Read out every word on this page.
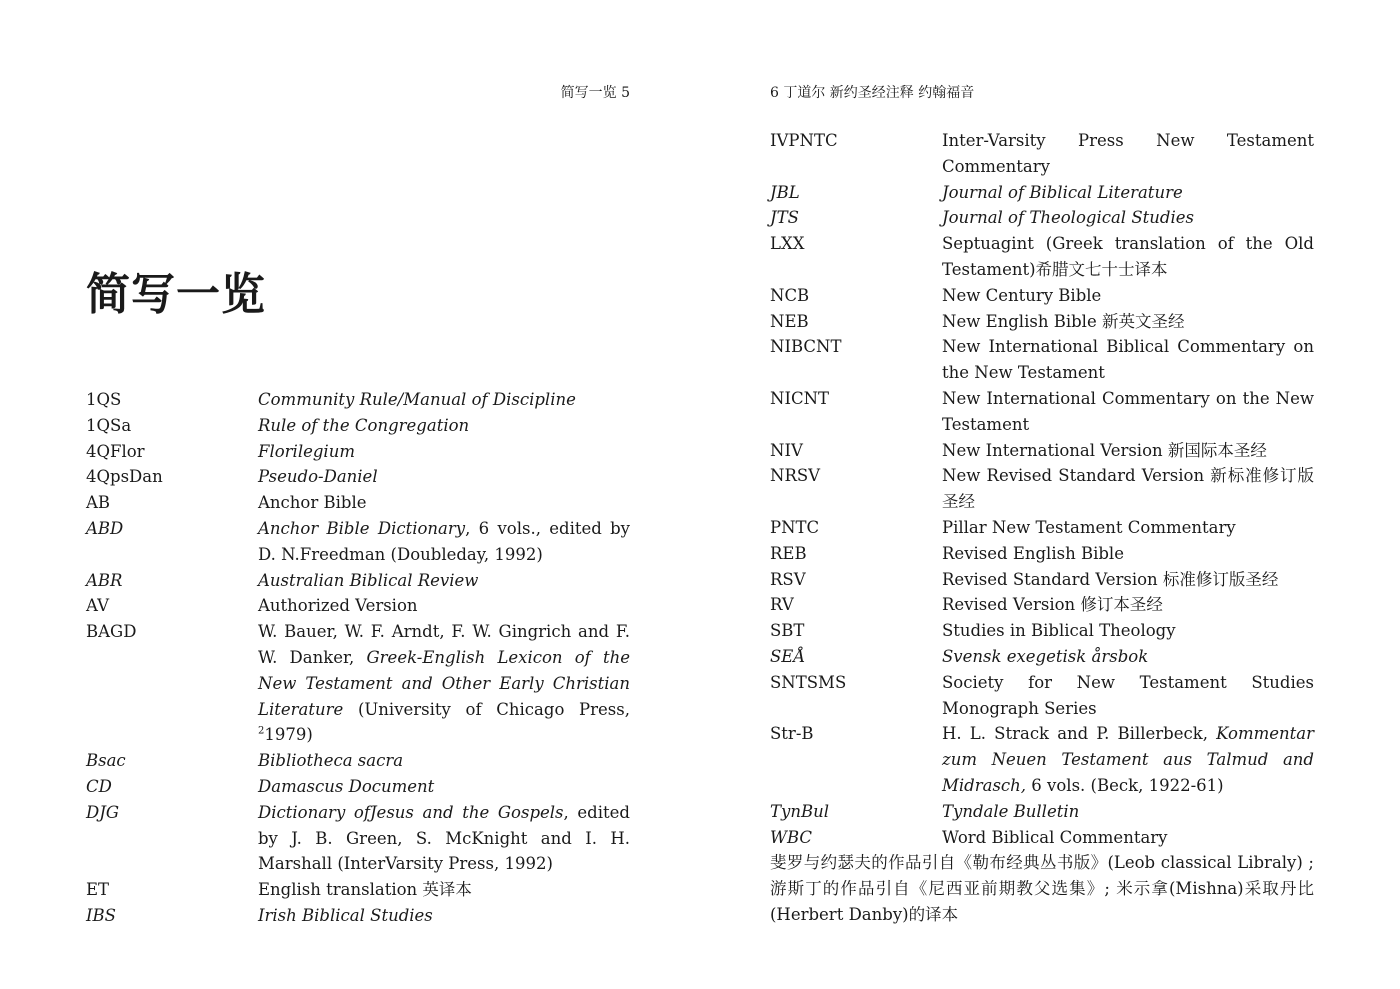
简写一览 5
简写一览
1QS	Community Rule/Manual of Discipline
1QSa	Rule of the Congregation
4QFlor	Florilegium
4QpsDan	Pseudo-Daniel
AB	Anchor Bible
ABD	Anchor Bible Dictionary, 6 vols., edited by D. N.Freedman (Doubleday, 1992)
ABR	Australian Biblical Review
AV	Authorized Version
BAGD	W. Bauer, W. F. Arndt, F. W. Gingrich and F. W. Danker, Greek-English Lexicon of the New Testament and Other Early Christian Literature (University of Chicago Press, $^2$1979)
Bsac	Bibliotheca sacra
CD	Damascus Document
DJG	Dictionary ofJesus and the Gospels, edited by J. B. Green, S. McKnight and I. H. Marshall (InterVarsity Press, 1992)
ET	English translation 英译本
IBS	Irish Biblical Studies
6 丁道尔 新约圣经注释 约翰福音
IVPNTC	Inter-Varsity Press New Testament Commentary
JBL	Journal of Biblical Literature
JTS	Journal of Theological Studies
LXX	Septuagint (Greek translation of the Old Testament)希腊文七十士译本
NCB	New Century Bible
NEB	New English Bible 新英文圣经
NIBCNT	New International Biblical Commentary on the New Testament
NICNT	New International Commentary on the New Testament
NIV	New International Version 新国际本圣经
NRSV	New Revised Standard Version 新标准修订版圣经
PNTC	Pillar New Testament Commentary
REB	Revised English Bible
RSV	Revised Standard Version 标准修订版圣经
RV	Revised Version 修订本圣经
SBT	Studies in Biblical Theology
SEÅ	Svensk exegetisk årsbok
SNTSMS	Society for New Testament Studies Monograph Series
Str-B	H. L. Strack and P. Billerbeck, Kommentar zum Neuen Testament aus Talmud and Midrasch, 6 vols. (Beck, 1922-61)
TynBul	Tyndale Bulletin
WBC	Word Biblical Commentary
斐罗与约瑟夫的作品引自《勒布经典丛书版》(Leob classical Libraly) ;游斯丁的作品引自《尼西亚前期教父选集》; 米示拿(Mishna)采取丹比(Herbert Danby)的译本
